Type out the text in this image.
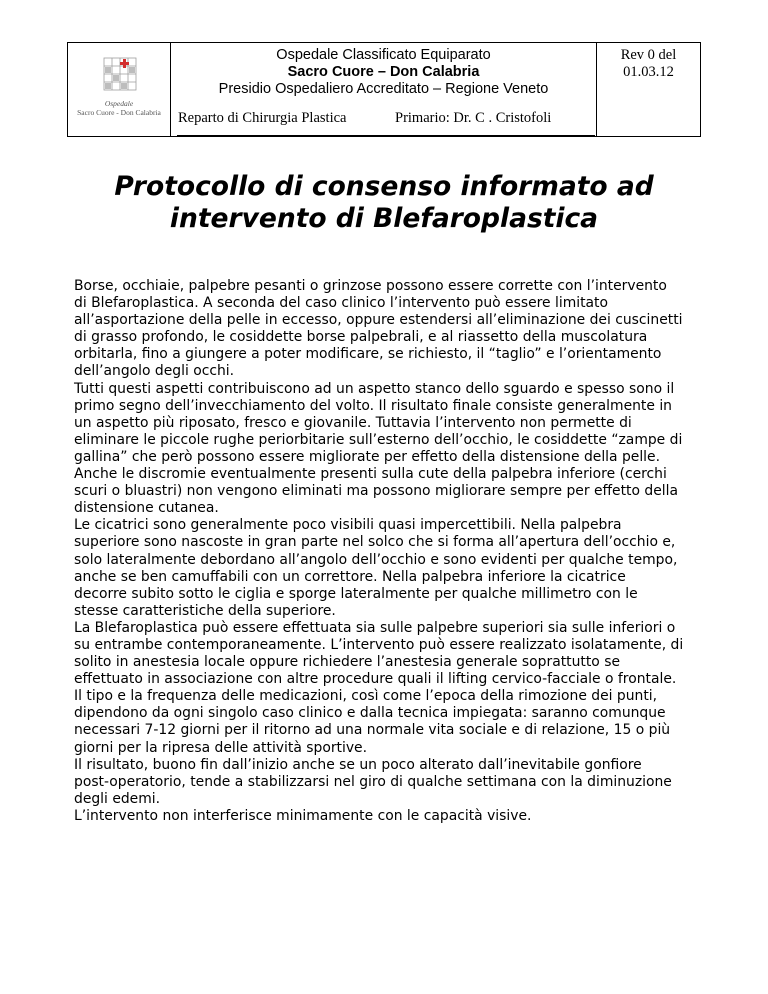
Ospedale
Sacro Cuore - Don Calabria
Ospedale Classificato Equiparato
Sacro Cuore – Don Calabria
Presidio Ospedaliero Accreditato – Regione Veneto
Reparto di Chirurgia Plastica	Primario: Dr. C . Cristofoli
Rev 0 del
01.03.12
Protocollo di consenso informato ad
intervento di Blefaroplastica
Borse, occhiaie, palpebre pesanti o grinzose possono essere corrette con l’intervento
di Blefaroplastica. A seconda del caso clinico l’intervento può essere limitato
all’asportazione della pelle in eccesso, oppure estendersi all’eliminazione dei cuscinetti
di grasso profondo, le cosiddette borse palpebrali, e al riassetto della muscolatura
orbitarla, fino a giungere a poter modificare, se richiesto, il “taglio” e l’orientamento
dell’angolo degli occhi.
Tutti questi aspetti contribuiscono ad un aspetto stanco dello sguardo e spesso sono il
primo segno dell’invecchiamento del volto. Il risultato finale consiste generalmente in
un aspetto più riposato, fresco e giovanile. Tuttavia l’intervento non permette di
eliminare le piccole rughe periorbitarie sull’esterno dell’occhio, le cosiddette “zampe di
gallina” che però possono essere migliorate per effetto della distensione della pelle.
Anche le discromie eventualmente presenti sulla cute della palpebra inferiore (cerchi
scuri o bluastri) non vengono eliminati ma possono migliorare sempre per effetto della
distensione cutanea.
Le cicatrici sono generalmente poco visibili quasi impercettibili. Nella palpebra
superiore sono nascoste in gran parte nel solco che si forma all’apertura dell’occhio e,
solo lateralmente debordano all’angolo dell’occhio e sono evidenti per qualche tempo,
anche se ben camuffabili con un correttore. Nella palpebra inferiore la cicatrice
decorre subito sotto le ciglia e sporge lateralmente per qualche millimetro con le
stesse caratteristiche della superiore.
La Blefaroplastica può essere effettuata sia sulle palpebre superiori sia sulle inferiori o
su entrambe contemporaneamente. L’intervento può essere realizzato isolatamente, di
solito in anestesia locale oppure richiedere l’anestesia generale soprattutto se
effettuato in associazione con altre procedure quali il lifting cervico-facciale o frontale.
Il tipo e la frequenza delle medicazioni, così come l’epoca della rimozione dei punti,
dipendono da ogni singolo caso clinico e dalla tecnica impiegata: saranno comunque
necessari 7-12 giorni per il ritorno ad una normale vita sociale e di relazione, 15 o più
giorni per la ripresa delle attività sportive.
Il risultato, buono fin dall’inizio anche se un poco alterato dall’inevitabile gonfiore
post-operatorio, tende a stabilizzarsi nel giro di qualche settimana con la diminuzione
degli edemi.
L’intervento non interferisce minimamente con le capacità visive.
